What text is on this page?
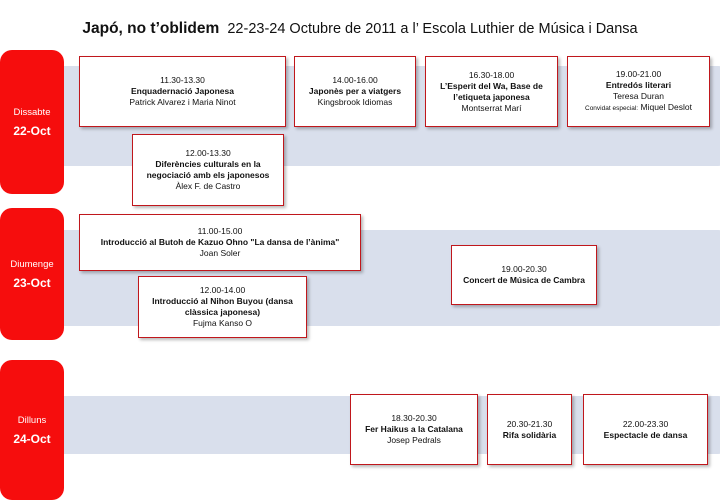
Japó, no t’oblidem 22-23-24 Octubre de 2011 a l’ Escola Luthier de Música i Dansa
Dissabte
22-Oct
Diumenge
23-Oct
Dilluns
24-Oct
11.30-13.30
Enquadernació Japonesa
Patrick Alvarez i Maria Ninot
14.00-16.00
Japonès per a viatgers
Kingsbrook Idiomas
16.30-18.00
L’Esperit del Wa, Base de l’etiqueta japonesa
Montserrat Marí
19.00-21.00
Entredós literari
Teresa Duran
Convidat especial: Miquel Deslot
12.00-13.30
Diferències culturals en la negociació amb els japonesos
Àlex F. de Castro
11.00-15.00
Introducció al Butoh de Kazuo Ohno "La dansa de l’ànima"
Joan Soler
12.00-14.00
Introducció al Nihon Buyou (dansa clàssica japonesa)
Fujma Kanso O
19.00-20.30
Concert de Música de Cambra
18.30-20.30
Fer Haikus a la Catalana
Josep Pedrals
20.30-21.30
Rifa solidària
22.00-23.30
Espectacle de dansa
